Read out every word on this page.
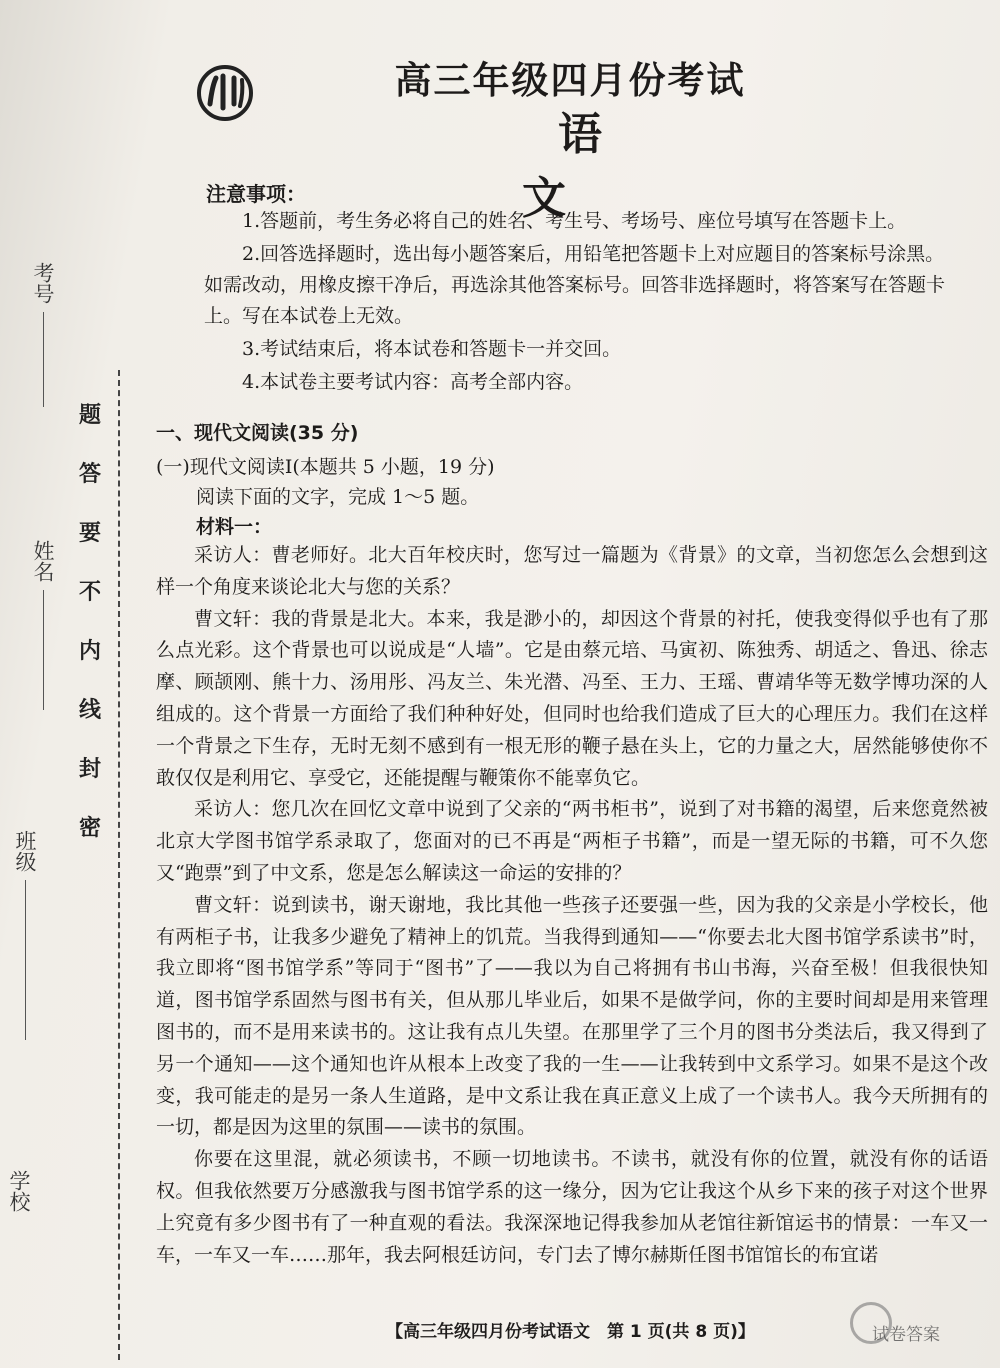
题
答
要
不
内
线
封
密
考号
姓名
班级
学校
高三年级四月份考试
语文
注意事项：

1.答题前，考生务必将自己的姓名、考生号、考场号、座位号填写在答题卡上。

2.回答选择题时，选出每小题答案后，用铅笔把答题卡上对应题目的答案标号涂黑。如需改动，用橡皮擦干净后，再选涂其他答案标号。回答非选择题时，将答案写在答题卡上。写在本试卷上无效。

3.考试结束后，将本试卷和答题卡一并交回。

4.本试卷主要考试内容：高考全部内容。

一、现代文阅读(35 分)
(一)现代文阅读Ⅰ(本题共 5 小题，19 分)
阅读下面的文字，完成 1～5 题。
材料一：

采访人：曹老师好。北大百年校庆时，您写过一篇题为《背景》的文章，当初您怎么会想到这样一个角度来谈论北大与您的关系？

曹文轩：我的背景是北大。本来，我是渺小的，却因这个背景的衬托，使我变得似乎也有了那么点光彩。这个背景也可以说成是“人墙”。它是由蔡元培、马寅初、陈独秀、胡适之、鲁迅、徐志摩、顾颉刚、熊十力、汤用彤、冯友兰、朱光潜、冯至、王力、王瑶、曹靖华等无数学博功深的人组成的。这个背景一方面给了我们种种好处，但同时也给我们造成了巨大的心理压力。我们在这样一个背景之下生存，无时无刻不感到有一根无形的鞭子悬在头上，它的力量之大，居然能够使你不敢仅仅是利用它、享受它，还能提醒与鞭策你不能辜负它。

采访人：您几次在回忆文章中说到了父亲的“两书柜书”，说到了对书籍的渴望，后来您竟然被北京大学图书馆学系录取了，您面对的已不再是“两柜子书籍”，而是一望无际的书籍，可不久您又“跑票”到了中文系，您是怎么解读这一命运的安排的？

曹文轩：说到读书，谢天谢地，我比其他一些孩子还要强一些，因为我的父亲是小学校长，他有两柜子书，让我多少避免了精神上的饥荒。当我得到通知——“你要去北大图书馆学系读书”时，我立即将“图书馆学系”等同于“图书”了——我以为自己将拥有书山书海，兴奋至极！但我很快知道，图书馆学系固然与图书有关，但从那儿毕业后，如果不是做学问，你的主要时间却是用来管理图书的，而不是用来读书的。这让我有点儿失望。在那里学了三个月的图书分类法后，我又得到了另一个通知——这个通知也许从根本上改变了我的一生——让我转到中文系学习。如果不是这个改变，我可能走的是另一条人生道路，是中文系让我在真正意义上成了一个读书人。我今天所拥有的一切，都是因为这里的氛围——读书的氛围。

你要在这里混，就必须读书，不顾一切地读书。不读书，就没有你的位置，就没有你的话语权。但我依然要万分感激我与图书馆学系的这一缘分，因为它让我这个从乡下来的孩子对这个世界上究竟有多少图书有了一种直观的看法。我深深地记得我参加从老馆往新馆运书的情景：一车又一车，一车又一车……那年，我去阿根廷访问，专门去了博尔赫斯任图书馆馆长的布宜诺

【高三年级四月份考试语文　第 1 页(共 8 页)】	试卷答案
